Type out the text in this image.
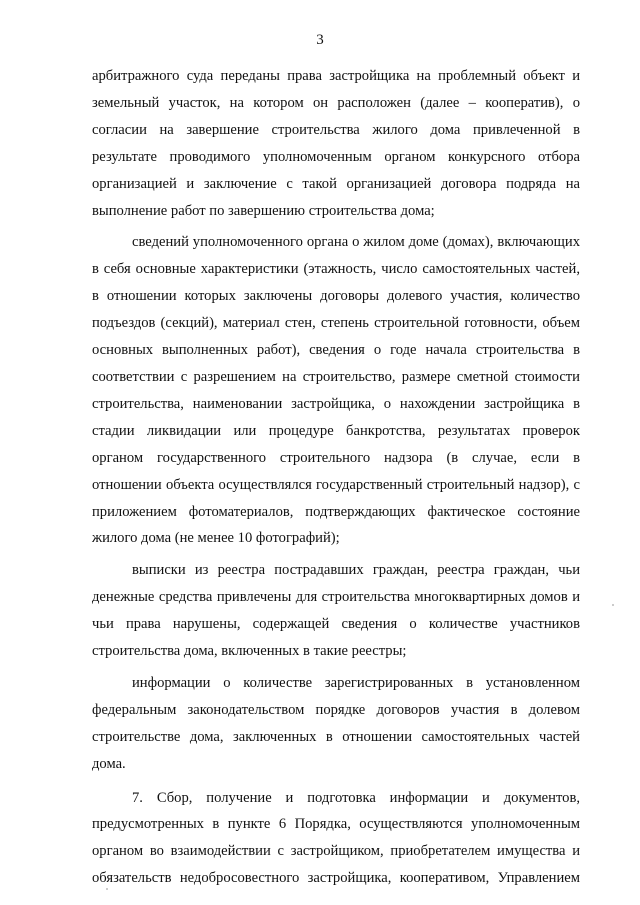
3
арбитражного суда переданы права застройщика на проблемный объект и
земельный участок, на котором он расположен (далее – кооператив), о
согласии на завершение строительства жилого дома привлеченной в
результате проводимого уполномоченным органом конкурсного отбора
организацией и заключение с такой организацией договора подряда на
выполнение работ по завершению строительства дома;
сведений уполномоченного органа о жилом доме (домах), включающих
в себя основные характеристики (этажность, число самостоятельных частей,
в отношении которых заключены договоры долевого участия, количество
подъездов (секций), материал стен, степень строительной готовности, объем
основных выполненных работ), сведения о годе начала строительства в
соответствии с разрешением на строительство, размере сметной стоимости
строительства, наименовании застройщика, о нахождении застройщика в
стадии ликвидации или процедуре банкротства, результатах проверок
органом государственного строительного надзора (в случае, если в
отношении объекта осуществлялся государственный строительный надзор), с
приложением фотоматериалов, подтверждающих фактическое состояние
жилого дома (не менее 10 фотографий);
выписки из реестра пострадавших граждан, реестра граждан, чьи
денежные средства привлечены для строительства многоквартирных домов и
чьи права нарушены, содержащей сведения о количестве участников
строительства дома, включенных в такие реестры;
информации о количестве зарегистрированных в установленном
федеральным законодательством порядке договоров участия в долевом
строительстве дома, заключенных в отношении самостоятельных частей
дома.
7. Сбор, получение и подготовка информации и документов,
предусмотренных в пункте 6 Порядка, осуществляются уполномоченным
органом во взаимодействии с застройщиком, приобретателем имущества и
обязательств недобросовестного застройщика, кооперативом, Управлением
